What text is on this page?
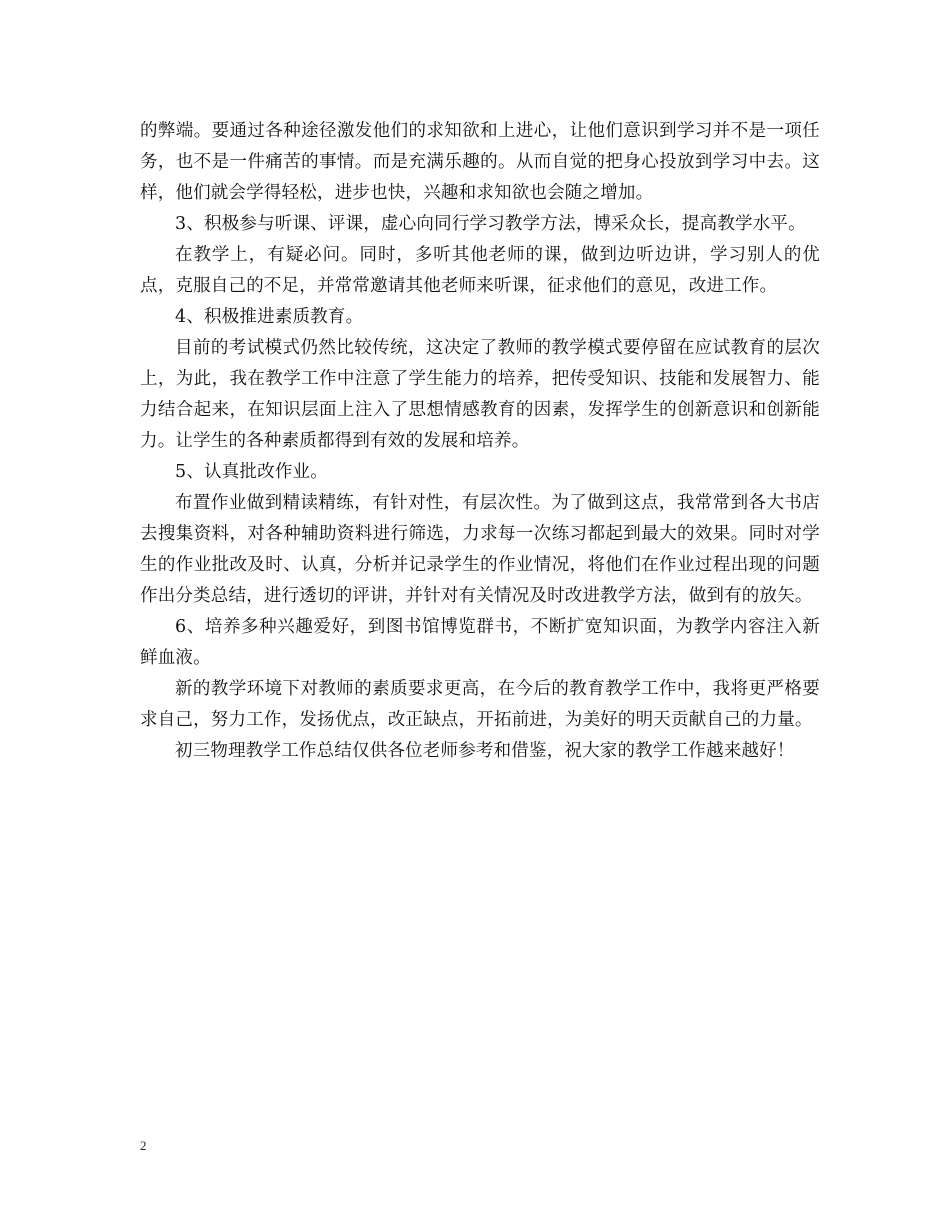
的弊端。要通过各种途径激发他们的求知欲和上进心，让他们意识到学习并不是一项任务，也不是一件痛苦的事情。而是充满乐趣的。从而自觉的把身心投放到学习中去。这样，他们就会学得轻松，进步也快，兴趣和求知欲也会随之增加。

3、积极参与听课、评课，虚心向同行学习教学方法，博采众长，提高教学水平。

在教学上，有疑必问。同时，多听其他老师的课，做到边听边讲，学习别人的优点，克服自己的不足，并常常邀请其他老师来听课，征求他们的意见，改进工作。

4、积极推进素质教育。

目前的考试模式仍然比较传统，这决定了教师的教学模式要停留在应试教育的层次上，为此，我在教学工作中注意了学生能力的培养，把传受知识、技能和发展智力、能力结合起来，在知识层面上注入了思想情感教育的因素，发挥学生的创新意识和创新能力。让学生的各种素质都得到有效的发展和培养。

5、认真批改作业。

布置作业做到精读精练，有针对性，有层次性。为了做到这点，我常常到各大书店去搜集资料，对各种辅助资料进行筛选，力求每一次练习都起到最大的效果。同时对学生的作业批改及时、认真，分析并记录学生的作业情况，将他们在作业过程出现的问题作出分类总结，进行透切的评讲，并针对有关情况及时改进教学方法，做到有的放矢。

6、培养多种兴趣爱好，到图书馆博览群书，不断扩宽知识面，为教学内容注入新鲜血液。

新的教学环境下对教师的素质要求更高，在今后的教育教学工作中，我将更严格要求自己，努力工作，发扬优点，改正缺点，开拓前进，为美好的明天贡献自己的力量。

初三物理教学工作总结仅供各位老师参考和借鉴，祝大家的教学工作越来越好！

2
